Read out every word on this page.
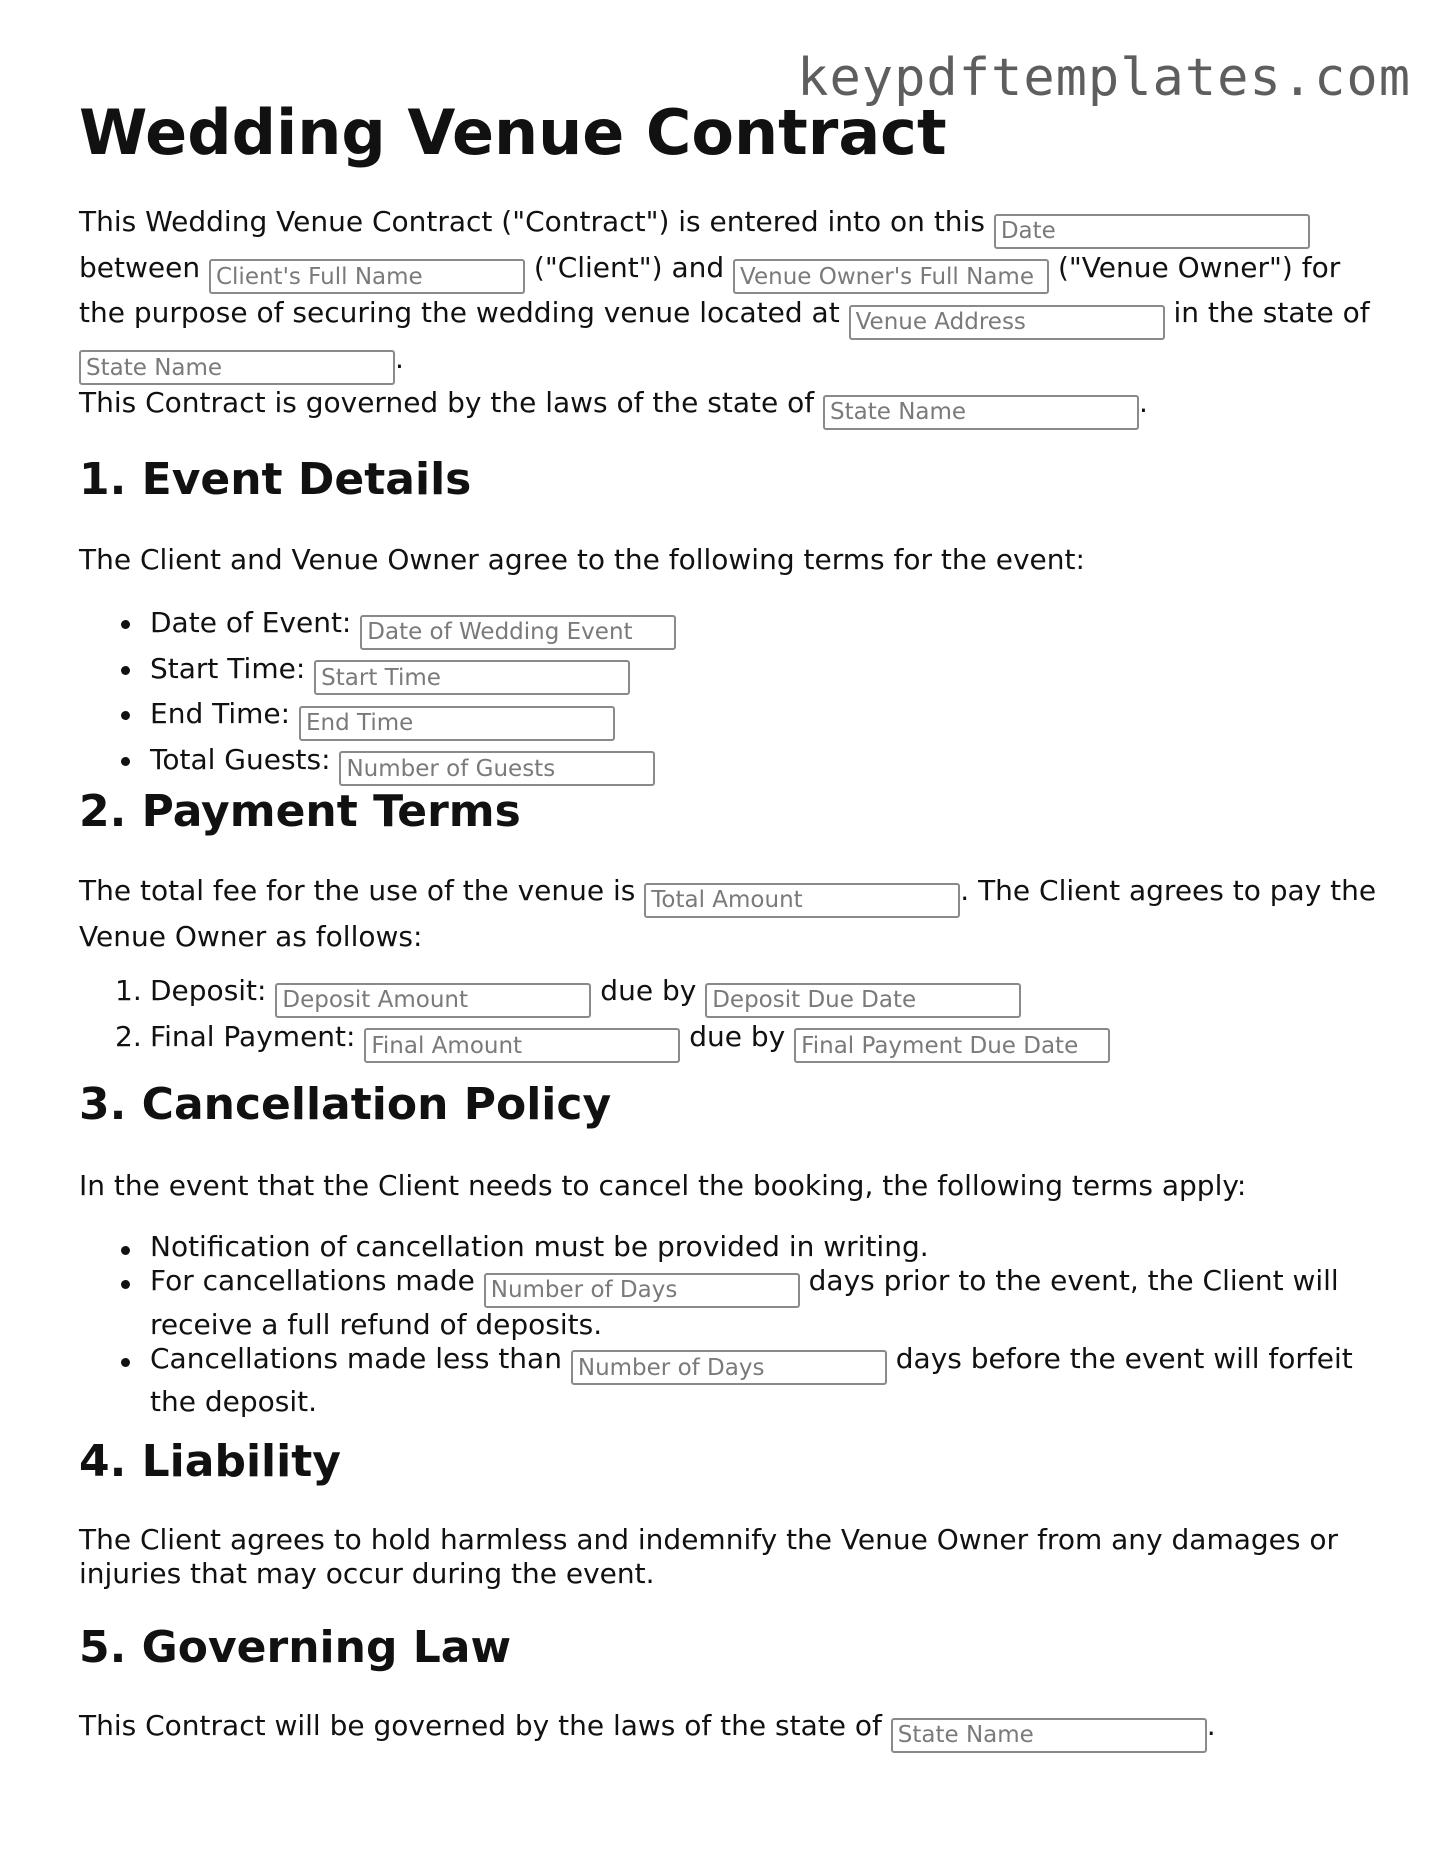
keypdftemplates.com
Wedding Venue Contract

This Wedding Venue Contract ("Contract") is entered into on this Date between Client's Full Name	("Client") and Venue Owner's Full Name	("Venue Owner") for the purpose of securing the wedding venue located at Venue Address	in the state of State Name.

This Contract is governed by the laws of the state of State Name	.

1. Event Details

The Client and Venue Owner agree to the following terms for the event:

Date of Event: Date of Wedding Event
Start Time: Start Time
End Time: End Time
Total Guests: Number of Guests
2. Payment Terms

The total fee for the use of the venue is Total Amount	. The Client agrees to pay the Venue Owner as follows:

1. Deposit: Deposit Amount	due by Deposit Due Date
2. Final Payment: Final Amount	due by Final Payment Due Date
3. Cancellation Policy

In the event that the Client needs to cancel the booking, the following terms apply:

Notification of cancellation must be provided in writing.
For cancellations made Number of Days	days prior to the event, the Client will receive a full refund of deposits.
Cancellations made less than Number of Days	days before the event will forfeit the deposit.
4. Liability

The Client agrees to hold harmless and indemnify the Venue Owner from any damages or injuries that may occur during the event.

5. Governing Law

This Contract will be governed by the laws of the state of State Name	.
